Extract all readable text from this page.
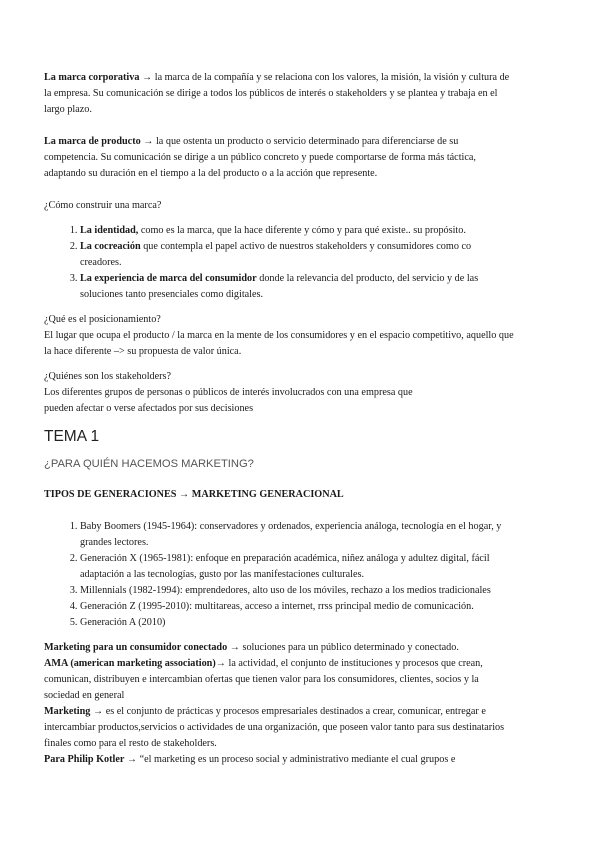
La marca corporativa → la marca de la compañía y se relaciona con los valores, la misión, la visión y cultura de la empresa. Su comunicación se dirige a todos los públicos de interés o stakeholders y se plantea y trabaja en el largo plazo.

La marca de producto → la que ostenta un producto o servicio determinado para diferenciarse de su competencia. Su comunicación se dirige a un público concreto y puede comportarse de forma más táctica, adaptando su duración en el tiempo a la del producto o a la acción que represente.

¿Cómo construir una marca?

1. La identidad, como es la marca, que la hace diferente y cómo y para qué existe.. su propósito.
2. La cocreación que contempla el papel activo de nuestros stakeholders y consumidores como co creadores.
3. La experiencia de marca del consumidor donde la relevancia del producto, del servicio y de las soluciones tanto presenciales como digitales.

¿Qué es el posicionamiento?

El lugar que ocupa el producto / la marca en la mente de los consumidores y en el espacio competitivo, aquello que la hace diferente –> su propuesta de valor única.

¿Quiénes son los stakeholders?

Los diferentes grupos de personas o públicos de interés involucrados con una empresa que

pueden afectar o verse afectados por sus decisiones

TEMA 1
¿PARA QUIÉN HACEMOS MARKETING?

TIPOS DE GENERACIONES → MARKETING GENERACIONAL

1. Baby Boomers (1945-1964): conservadores y ordenados, experiencia análoga, tecnología en el hogar, y grandes lectores.
2. Generación X (1965-1981): enfoque en preparación académica, niñez análoga y adultez digital, fácil adaptación a las tecnologías, gusto por las manifestaciones culturales.
3. Millennials (1982-1994): emprendedores, alto uso de los móviles, rechazo a los medios tradicionales
4. Generación Z (1995-2010): multitareas, acceso a internet, rrss principal medio de comunicación.
5. Generación A (2010)

Marketing para un consumidor conectado → soluciones para un público determinado y conectado.

AMA (american marketing association)→ la actividad, el conjunto de instituciones y procesos que crean, comunican, distribuyen e intercambian ofertas que tienen valor para los consumidores, clientes, socios y la sociedad en general

Marketing → es el conjunto de prácticas y procesos empresariales destinados a crear, comunicar, entregar e intercambiar productos,servicios o actividades de una organización, que poseen valor tanto para sus destinatarios finales como para el resto de stakeholders.

Para Philip Kotler → “el marketing es un proceso social y administrativo mediante el cual grupos e
